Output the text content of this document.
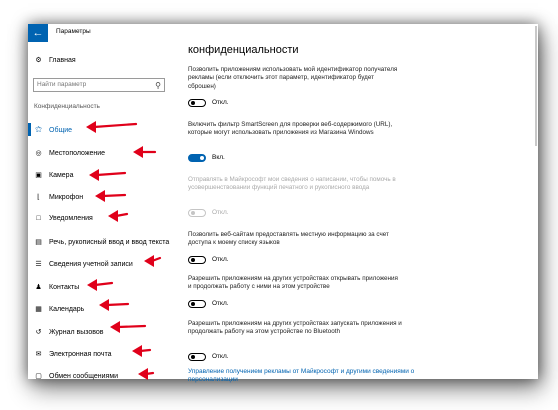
←	Параметры
⚙ Главная
Найти параметр	⚲
Конфиденциальность
⚝ Общие
◎ Местоположение
▣ Камера
⌊	Микрофон
□	Уведомления
▤ Речь, рукописный ввод и ввод текста
☰ Сведения учетной записи
♟ Контакты
▦ Календарь
↺ Журнал вызовов
✉ Электронная почта
▢ Обмен сообщениями
конфиденциальности
Позволить приложениям использовать мой идентификатор получателя рекламы (если отключить этот параметр, идентификатор будет сброшен)
Откл.
Включить фильтр SmartScreen для проверки веб-содержимого (URL), которые могут использовать приложения из Магазина Windows
Вкл.
Отправлять в Майкрософт мои сведения о написании, чтобы помочь в усовершенствовании функций печатного и рукописного ввода
Откл.
Позволить веб-сайтам предоставлять местную информацию за счет доступа к моему списку языков
Откл.
Разрешить приложениям на других устройствах открывать приложения и продолжать работу с ними на этом устройстве
Откл.
Разрешить приложениям на других устройствах запускать приложения и продолжать работу на этом устройстве по Bluetooth
Откл.
Управление получением рекламы от Майкрософт и другими сведениями о персонализации
